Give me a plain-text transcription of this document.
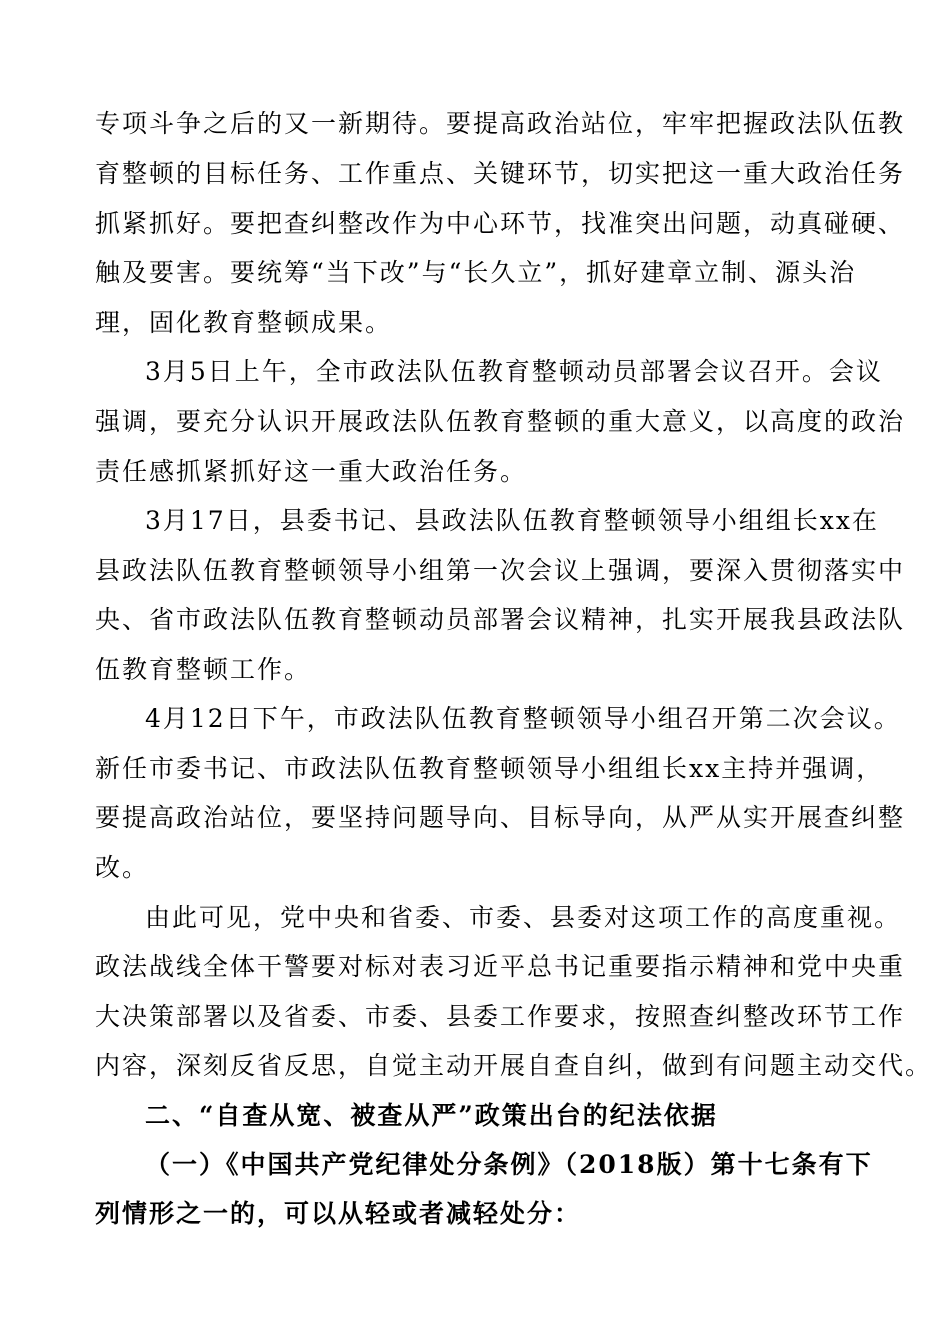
专项斗争之后的又一新期待。要提高政治站位，牢牢把握政法队伍教
育整顿的目标任务、工作重点、关键环节，切实把这一重大政治任务
抓紧抓好。要把查纠整改作为中心环节，找准突出问题，动真碰硬、
触及要害。要统筹“当下改”与“长久立”，抓好建章立制、源头治
理，固化教育整顿成果。
3月5日上午，全市政法队伍教育整顿动员部署会议召开。会议
强调，要充分认识开展政法队伍教育整顿的重大意义，以高度的政治
责任感抓紧抓好这一重大政治任务。
3月17日，县委书记、县政法队伍教育整顿领导小组组长xx在
县政法队伍教育整顿领导小组第一次会议上强调，要深入贯彻落实中
央、省市政法队伍教育整顿动员部署会议精神，扎实开展我县政法队
伍教育整顿工作。
4月12日下午，市政法队伍教育整顿领导小组召开第二次会议。
新任市委书记、市政法队伍教育整顿领导小组组长xx主持并强调，
要提高政治站位，要坚持问题导向、目标导向，从严从实开展查纠整
改。
由此可见，党中央和省委、市委、县委对这项工作的高度重视。
政法战线全体干警要对标对表习近平总书记重要指示精神和党中央重
大决策部署以及省委、市委、县委工作要求，按照查纠整改环节工作
内容，深刻反省反思，自觉主动开展自查自纠，做到有问题主动交代。
二、“自查从宽、被查从严”政策出台的纪法依据
（一）《中国共产党纪律处分条例》（2018版）第十七条有下
列情形之一的，可以从轻或者减轻处分：
